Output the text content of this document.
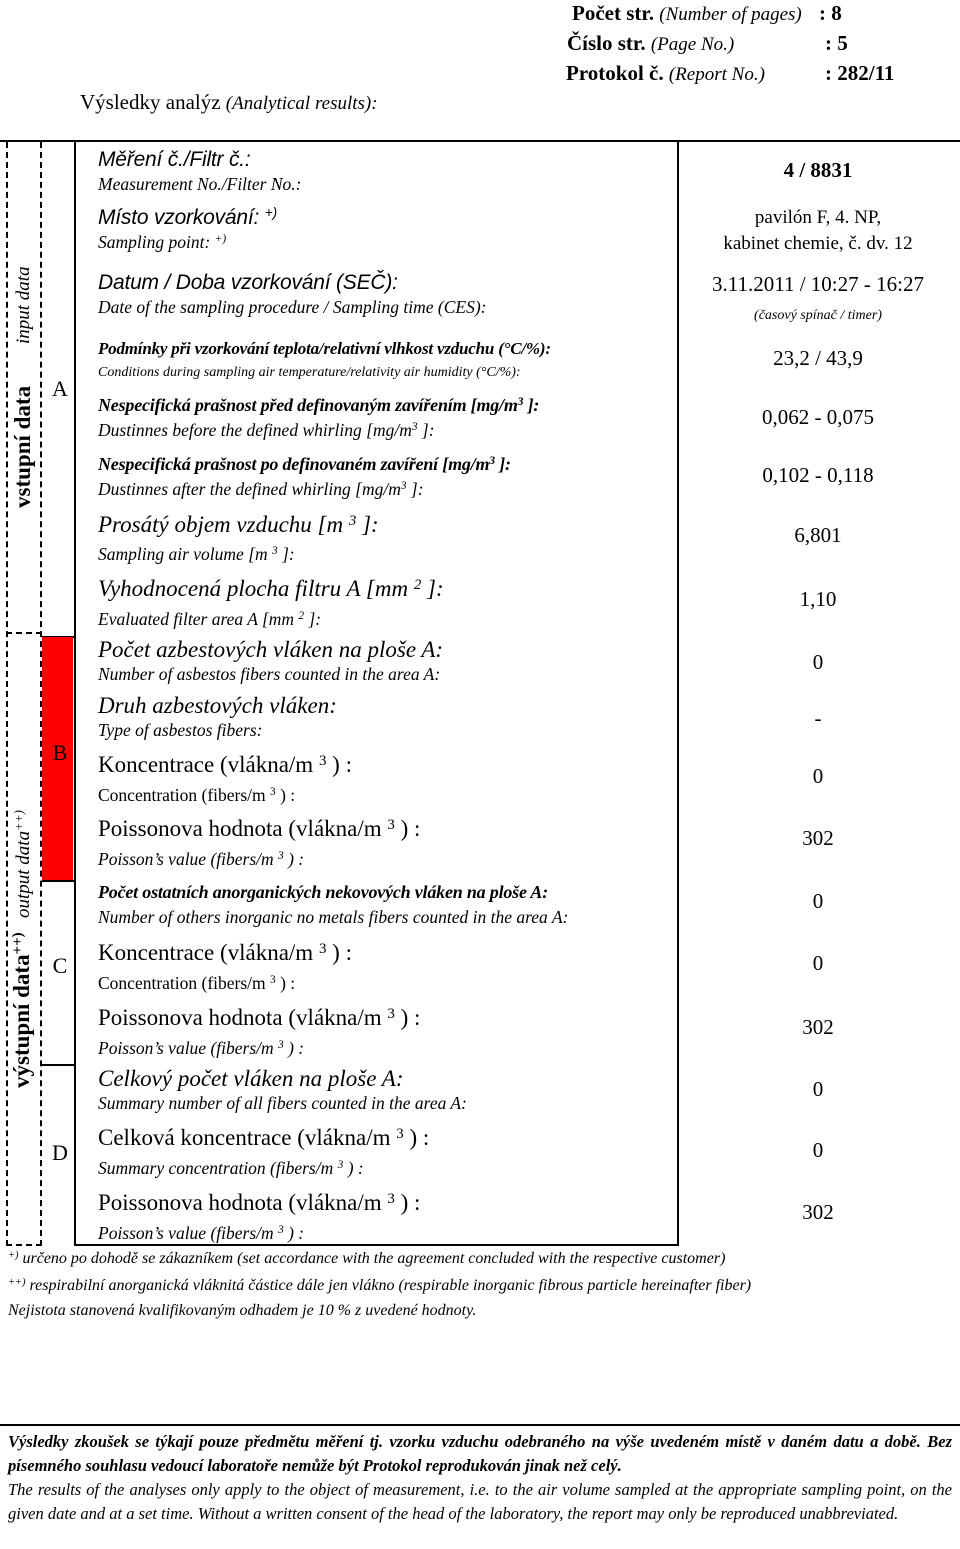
Počet str. (Number of pages) : 8
Číslo str. (Page No.)	: 5
Protokol č. (Report No.)	: 282/11
Výsledky analýz (Analytical results):
vstupní data
input data
výstupní data++)
output data++)
A
B
C
D
Měření č./Filtr č.:
Measurement No./Filter No.:
4 / 8831
Místo vzorkování: +)
Sampling point: +)
pavilón F, 4. NP,
kabinet chemie, č. dv. 12
Datum / Doba vzorkování (SEČ):
Date of the sampling procedure / Sampling time (CES):
3.11.2011 / 10:27 - 16:27
(časový spínač / timer)
Podmínky při vzorkování teplota/relativní vlhkost vzduchu (°C/%):
Conditions during sampling air temperature/relativity air humidity (°C/%):
23,2 / 43,9
Nespecifická prašnost před definovaným zavířením [$mg/m^3$ ]:
Dustinnes before the defined whirling [$mg/m^3$ ]:
0,062 - 0,075
Nespecifická prašnost po definovaném zavíření [$mg/m^3$ ]:
Dustinnes after the defined whirling [$mg/m^3$ ]:
0,102 - 0,118
Prosátý objem vzduchu [m $^3$ ]:
Sampling air volume [m $^3$ ]:
6,801
Vyhodnocená plocha filtru A [mm $^2$ ]:
Evaluated filter area A [mm $^2$ ]:
1,10
Počet azbestových vláken na ploše A:
Number of asbestos fibers counted in the area A:	0
Druh azbestových vláken:
Type of asbestos fibers:	-
Koncentrace (vlákna/m $^3$ ) :
Concentration (fibers/m $^3$ ) :
0
Poissonova hodnota (vlákna/m $^3$ ) :
Poisson’s value (fibers/m $^3$ ) :
302
Počet ostatních anorganických nekovových vláken na ploše A:
Number of others inorganic no metals fibers counted in the area A:
0
Koncentrace (vlákna/m $^3$ ) :
Concentration (fibers/m $^3$ ) :
0
Poissonova hodnota (vlákna/m $^3$ ) :
Poisson’s value (fibers/m $^3$ ) :
302
Celkový počet vláken na ploše A:
Summary number of all fibers counted in the area A:
0
Celková koncentrace (vlákna/m $^3$ ) :
Summary concentration (fibers/m $^3$ ) :
0
Poissonova hodnota (vlákna/m $^3$ ) :
Poisson’s value (fibers/m $^3$ ) :
302
+) určeno po dohodě se zákazníkem (set accordance with the agreement concluded with the respective customer)
++) respirabilní anorganická vláknitá částice dále jen vlákno (respirable inorganic fibrous particle hereinafter fiber)
Nejistota stanovená kvalifikovaným odhadem je 10 % z uvedené hodnoty.
Výsledky zkoušek se týkají pouze předmětu měření tj. vzorku vzduchu odebraného na výše uvedeném místě v daném datu a době. Bez písemného souhlasu vedoucí laboratoře nemůže být Protokol reprodukován jinak než celý.
The results of the analyses only apply to the object of measurement, i.e. to the air volume sampled at the appropriate sampling point, on the given date and at a set time. Without a written consent of the head of the laboratory, the report may only be reproduced unabbreviated.
